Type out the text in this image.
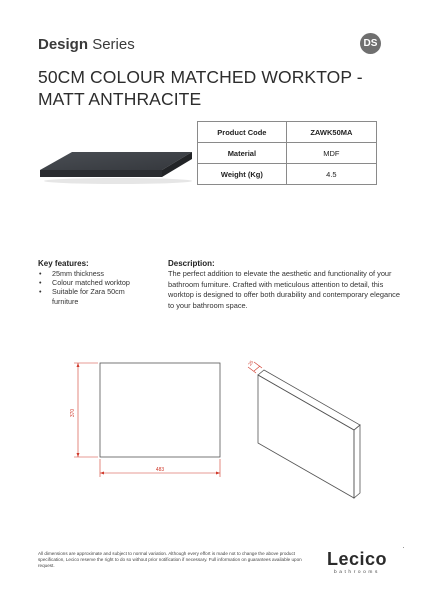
Design Series	DS
50CM COLOUR MATCHED WORKTOP -
MATT ANTHRACITE
Product Code	ZAWK50MA
Material	MDF
Weight (Kg)	4.5
Key features:
• 25mm thickness
• Colour matched worktop
• Suitable for Zara 50cm furniture
Description:
The perfect addition to elevate the aesthetic and functionality of your bathroom furniture. Crafted with meticulous attention to detail, this worktop is designed to offer both durability and contemporary elegance to your bathroom space.
370
483
25
All dimensions are approximate and subject to normal variation. Although every effort is made not to change the above product specification, Lecico reserve the right to do so without prior notification if necessary. Full information on guarantees available upon request.	Lecico
bathrooms
